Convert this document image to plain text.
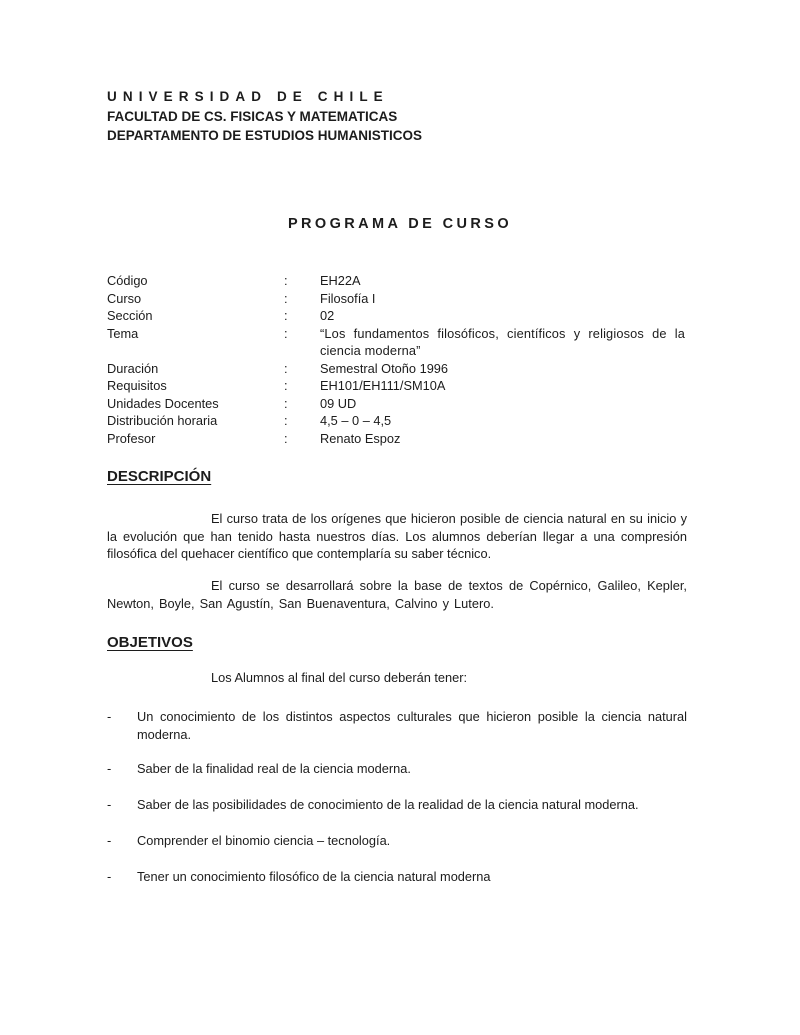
UNIVERSIDAD DE CHILE
FACULTAD DE CS. FISICAS Y MATEMATICAS
DEPARTAMENTO DE ESTUDIOS HUMANISTICOS
PROGRAMA DE CURSO
Código	:	EH22A
Curso	:	Filosofía I
Sección	:	02
Tema	:	“Los fundamentos filosóficos, científicos y religiosos de la ciencia moderna”
Duración	:	Semestral Otoño 1996
Requisitos	:	EH101/EH111/SM10A
Unidades Docentes	:	09 UD
Distribución horaria	:	4,5 – 0 – 4,5
Profesor	:	Renato Espoz
DESCRIPCIÓN

El curso trata de los orígenes que hicieron posible de ciencia natural en su inicio y la evolución que han tenido hasta nuestros días. Los alumnos deberían llegar a una compresión filosófica del quehacer científico que contemplaría su saber técnico.

El curso se desarrollará sobre la base de textos de Copérnico, Galileo, Kepler, Newton, Boyle, San Agustín, San Buenaventura, Calvino y Lutero.

OBJETIVOS
Los Alumnos al final del curso deberán tener:
-	Un conocimiento de los distintos aspectos culturales que hicieron posible la ciencia natural moderna.
-	Saber de la finalidad real de la ciencia moderna.
-	Saber de las posibilidades de conocimiento de la realidad de la ciencia natural moderna.
-	Comprender el binomio ciencia – tecnología.
-	Tener un conocimiento filosófico de la ciencia natural moderna
